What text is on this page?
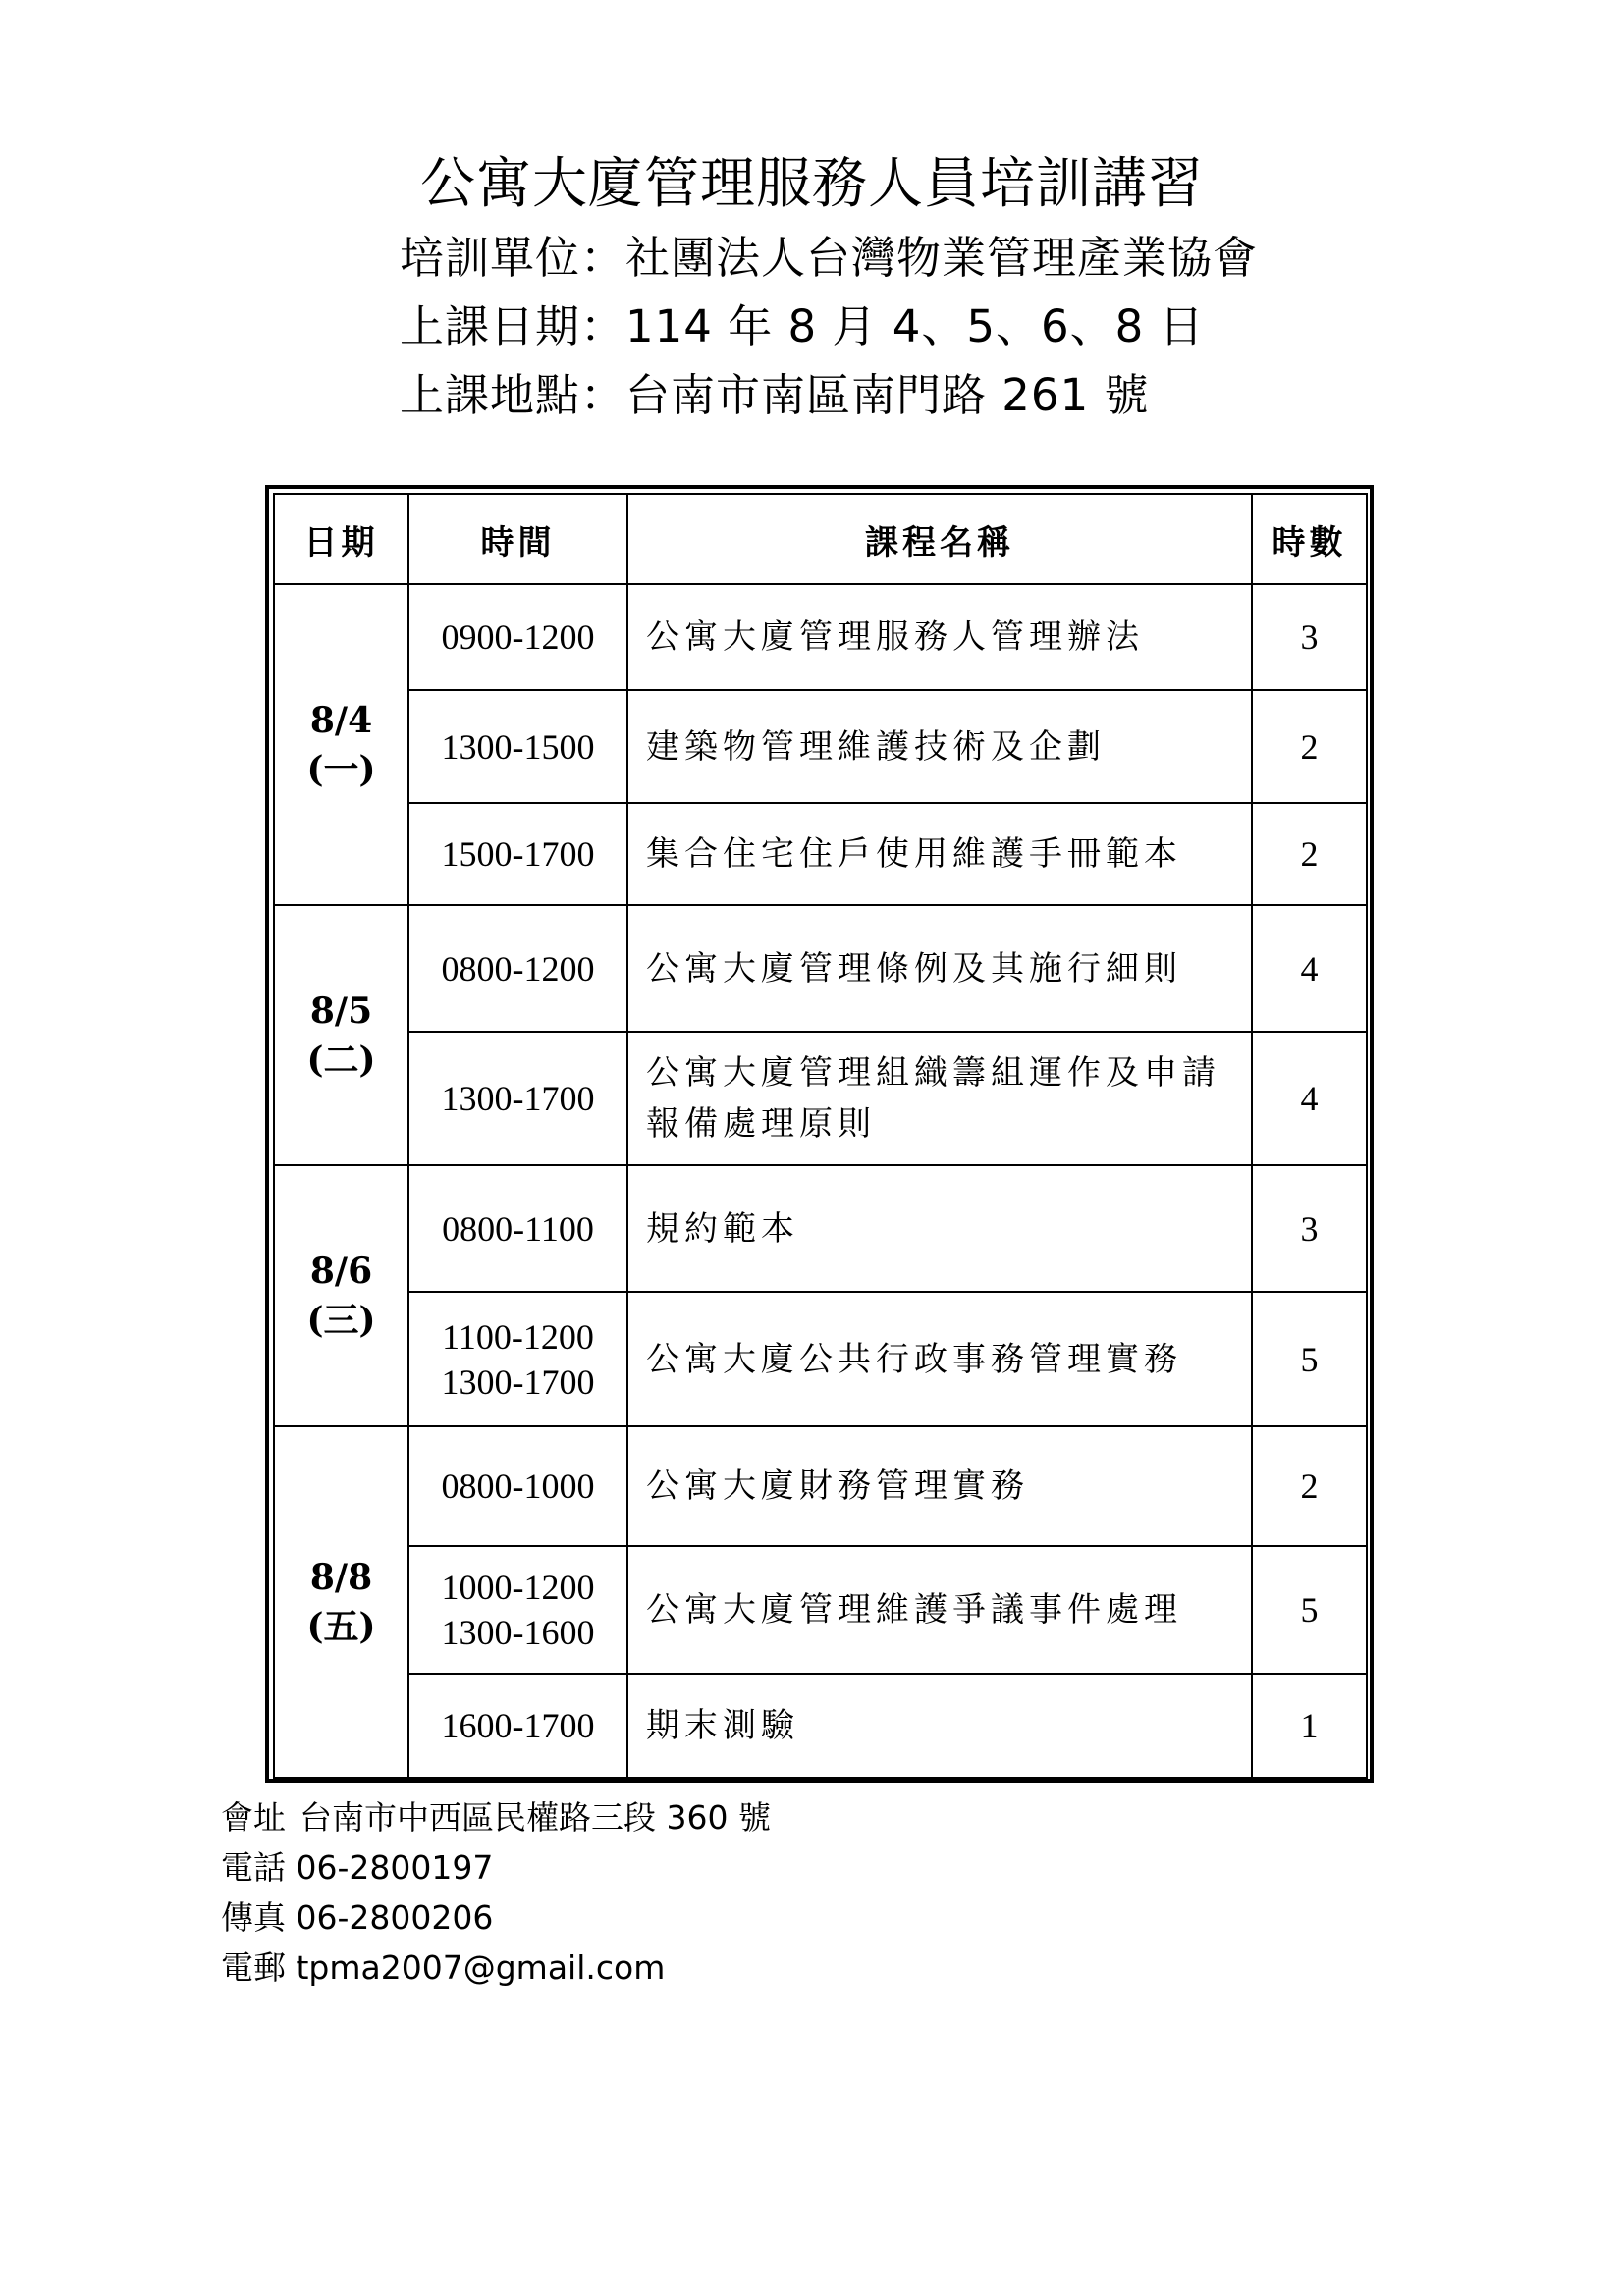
公寓大廈管理服務人員培訓講習
培訓單位：社團法人台灣物業管理產業協會
上課日期：114 年 8 月 4、5、6、8 日
上課地點：台南市南區南門路 261 號
日期	時間	課程名稱	時數

8/4
(一)	0900-1200	公寓大廈管理服務人管理辦法	3

	1300-1500	建築物管理維護技術及企劃	2

	1500-1700	集合住宅住戶使用維護手冊範本	2

8/5
(二)	0800-1200	公寓大廈管理條例及其施行細則	4

	1300-1700	公寓大廈管理組織籌組運作及申請
報備處理原則	4

8/6
(三)	0800-1100	規約範本	3

	1100-1200
1300-1700	公寓大廈公共行政事務管理實務	5

8/8
(五)	0800-1000	公寓大廈財務管理實務	2

	1000-1200
1300-1600	公寓大廈管理維護爭議事件處理	5

	1600-1700	期末測驗	1
會址 台南市中西區民權路三段 360 號
電話 06-2800197
傳真 06-2800206
電郵 tpma2007@gmail.com
